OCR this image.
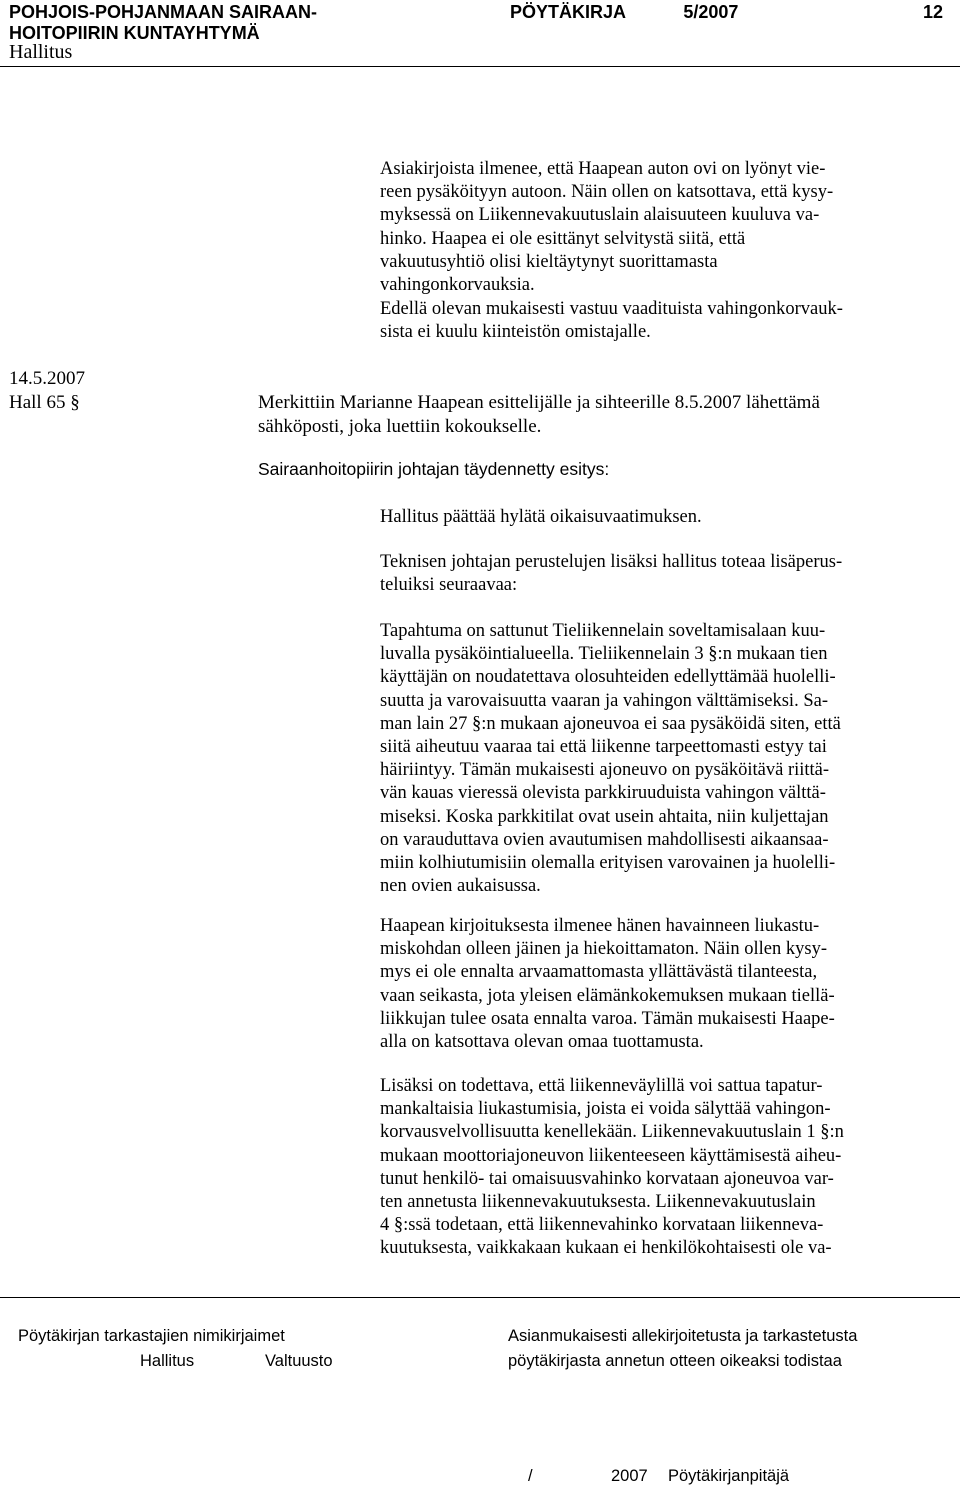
POHJOIS-POHJANMAAN SAIRAAN-
HOITOPIIRIN KUNTAYHTYMÄ
PÖYTÄKIRJA	5/2007	12
Hallitus
Asiakirjoista ilmenee, että Haapean auton ovi on lyönyt vie-
reen pysäköityyn autoon. Näin ollen on katsottava, että kysy-
myksessä on Liikennevakuutuslain alaisuuteen kuuluva va-
hinko. Haapea ei ole esittänyt selvitystä siitä, että
vakuutusyhtiö olisi kieltäytynyt suorittamasta
vahingonkorvauksia.
Edellä olevan mukaisesti vastuu vaadituista vahingonkorvauk-
sista ei kuulu kiinteistön omistajalle.
14.5.2007
Hall 65 §	Merkittiin Marianne Haapean esittelijälle ja sihteerille 8.5.2007 lähettämä
sähköposti, joka luettiin kokoukselle.
Sairaanhoitopiirin johtajan täydennetty esitys:
Hallitus päättää hylätä oikaisuvaatimuksen.
Teknisen johtajan perustelujen lisäksi hallitus toteaa lisäperus-
teluiksi seuraavaa:
Tapahtuma on sattunut Tieliikennelain soveltamisalaan kuu-
luvalla pysäköintialueella. Tieliikennelain 3 §:n mukaan tien
käyttäjän on noudatettava olosuhteiden edellyttämää huolelli-
suutta ja varovaisuutta vaaran ja vahingon välttämiseksi. Sa-
man lain 27 §:n mukaan ajoneuvoa ei saa pysäköidä siten, että
siitä aiheutuu vaaraa tai että liikenne tarpeettomasti estyy tai
häiriintyy. Tämän mukaisesti ajoneuvo on pysäköitävä riittä-
vän kauas vieressä olevista parkkiruuduista vahingon välttä-
miseksi. Koska parkkitilat ovat usein ahtaita, niin kuljettajan
on varauduttava ovien avautumisen mahdollisesti aikaansaa-
miin kolhiutumisiin olemalla erityisen varovainen ja huolelli-
nen ovien aukaisussa.
Haapean kirjoituksesta ilmenee hänen havainneen liukastu-
miskohdan olleen jäinen ja hiekoittamaton. Näin ollen kysy-
mys ei ole ennalta arvaamattomasta yllättävästä tilanteesta,
vaan seikasta, jota yleisen elämänkokemuksen mukaan tiellä-
liikkujan tulee osata ennalta varoa. Tämän mukaisesti Haape-
alla on katsottava olevan omaa tuottamusta.
Lisäksi on todettava, että liikenneväylillä voi sattua tapatur-
mankaltaisia liukastumisia, joista ei voida sälyttää vahingon-
korvausvelvollisuutta kenellekään. Liikennevakuutuslain 1 §:n
mukaan moottoriajoneuvon liikenteeseen käyttämisestä aiheu-
tunut henkilö- tai omaisuusvahinko korvataan ajoneuvoa var-
ten annetusta liikennevakuutuksesta. Liikennevakuutuslain
4 §:ssä todetaan, että liikennevahinko korvataan liikenneva-
kuutuksesta, vaikkakaan kukaan ei henkilökohtaisesti ole va-
Pöytäkirjan tarkastajien nimikirjaimet
Hallitus	Valtuusto
Asianmukaisesti allekirjoitetusta ja tarkastetusta
pöytäkirjasta annetun otteen oikeaksi todistaa
/	2007 Pöytäkirjanpitäjä
